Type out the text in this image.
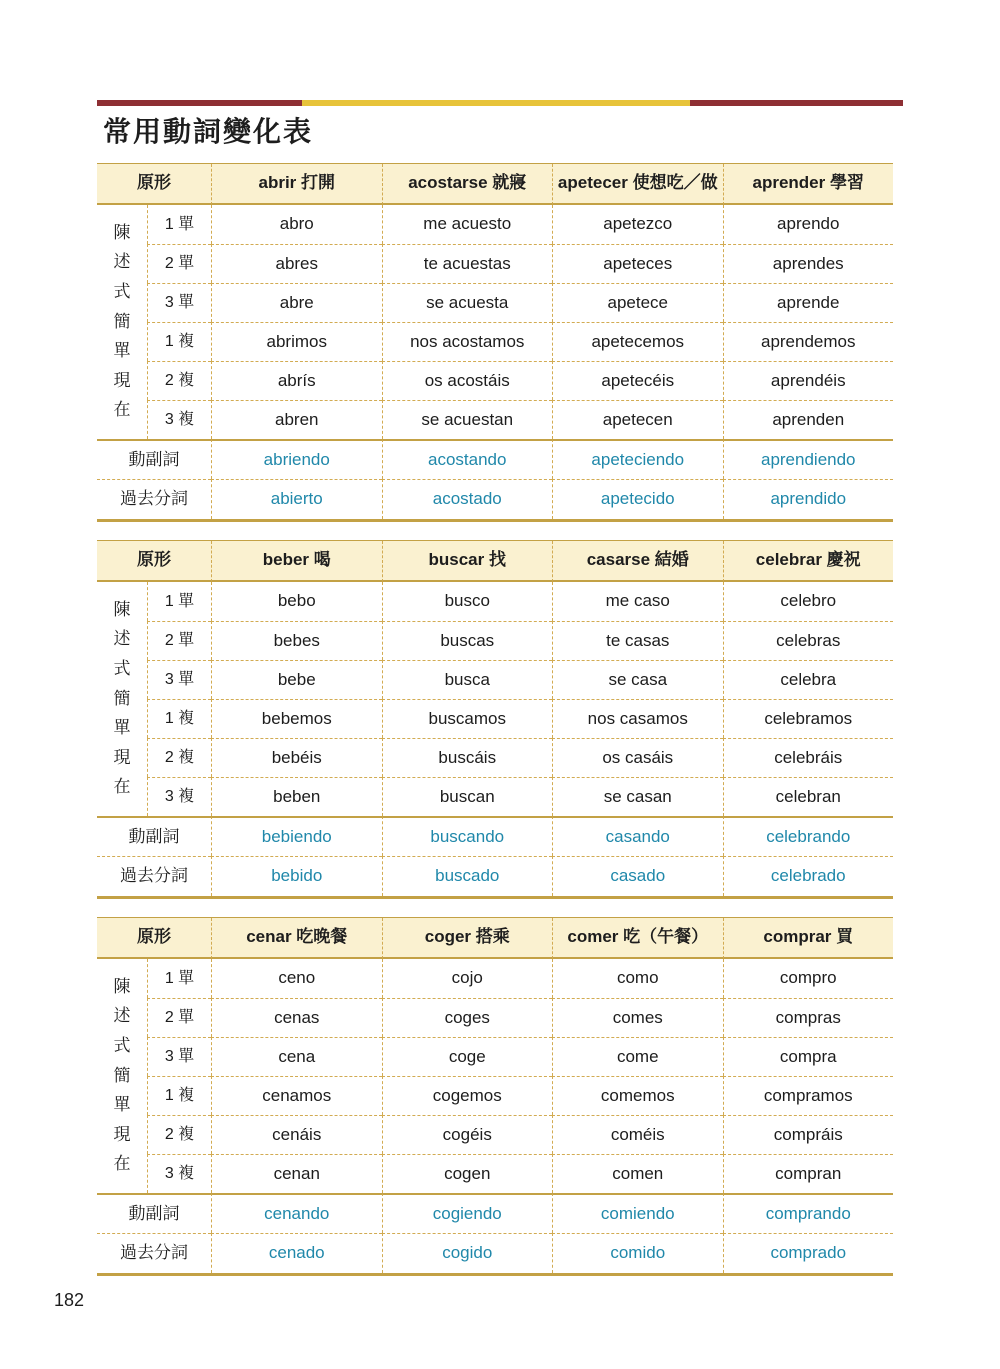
常用動詞變化表
原形	abrir 打開	acostarse 就寢	apetecer 使想吃／做	aprender 學習
陳
述
式
簡
單
現
在
1 單	abro	me acuesto	apetezco	aprendo
2 單	abres	te acuestas	apeteces	aprendes
3 單	abre	se acuesta	apetece	aprende
1 複	abrimos	nos acostamos	apetecemos	aprendemos
2 複	abrís	os acostáis	apetecéis	aprendéis
3 複	abren	se acuestan	apetecen	aprenden
動副詞	abriendo	acostando	apeteciendo	aprendiendo
過去分詞	abierto	acostado	apetecido	aprendido
原形	beber 喝	buscar 找	casarse 結婚	celebrar 慶祝
陳
述
式
簡
單
現
在
1 單	bebo	busco	me caso	celebro
2 單	bebes	buscas	te casas	celebras
3 單	bebe	busca	se casa	celebra
1 複	bebemos	buscamos	nos casamos	celebramos
2 複	bebéis	buscáis	os casáis	celebráis
3 複	beben	buscan	se casan	celebran
動副詞	bebiendo	buscando	casando	celebrando
過去分詞	bebido	buscado	casado	celebrado
原形	cenar 吃晚餐	coger 搭乘	comer 吃（午餐）	comprar 買
陳
述
式
簡
單
現
在
1 單	ceno	cojo	como	compro
2 單	cenas	coges	comes	compras
3 單	cena	coge	come	compra
1 複	cenamos	cogemos	comemos	compramos
2 複	cenáis	cogéis	coméis	compráis
3 複	cenan	cogen	comen	compran
動副詞	cenando	cogiendo	comiendo	comprando
過去分詞	cenado	cogido	comido	comprado
182
